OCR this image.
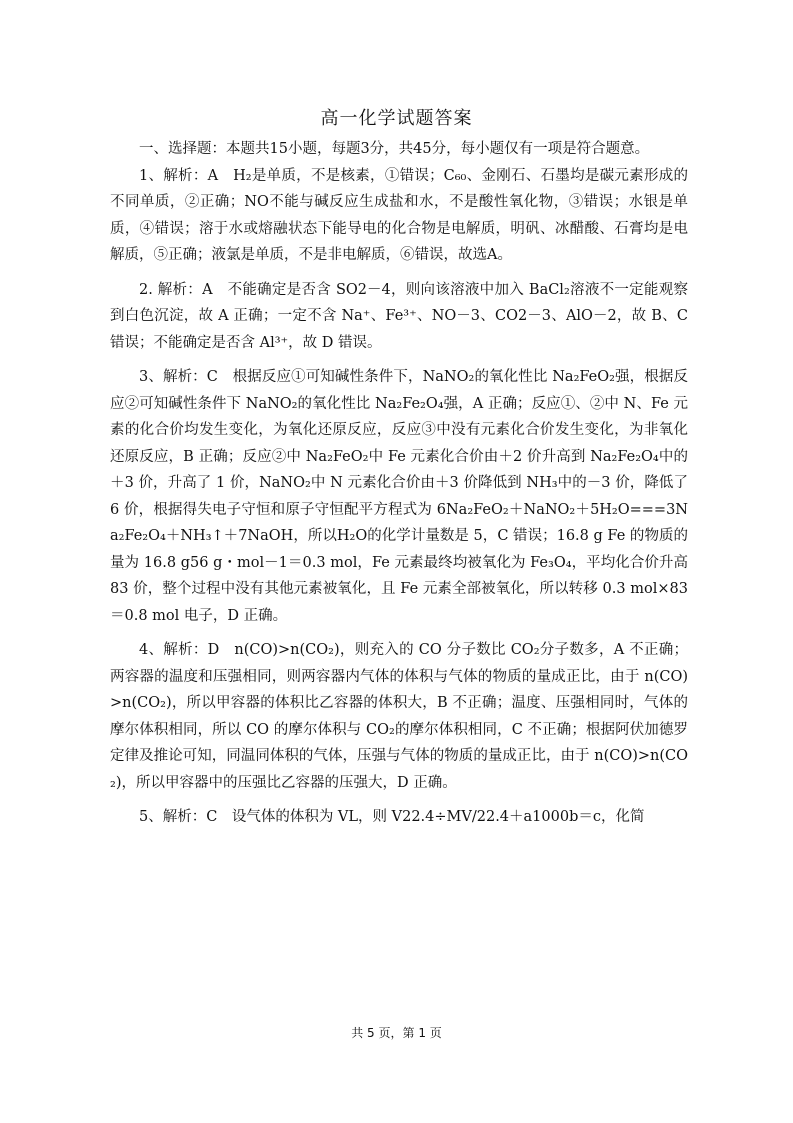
高一化学试题答案

一、选择题：本题共15小题，每题3分，共45分，每小题仅有一项是符合题意。

1、解析：A　H₂是单质，不是核素，①错误；C₆₀、金刚石、石墨均是碳元素形成的不同单质，②正确；NO不能与碱反应生成盐和水，不是酸性氧化物，③错误；水银是单质，④错误；溶于水或熔融状态下能导电的化合物是电解质，明矾、冰醋酸、石膏均是电解质，⑤正确；液氯是单质，不是非电解质，⑥错误，故选A。

2. 解析：A　不能确定是否含 SO2－4，则向该溶液中加入 BaCl₂溶液不一定能观察到白色沉淀，故 A 正确；一定不含 Na⁺、Fe³⁺、NO－3、CO2－3、AlO－2，故 B、C 错误；不能确定是否含 Al³⁺，故 D 错误。

3、解析：C　根据反应①可知碱性条件下，NaNO₂的氧化性比 Na₂FeO₂强，根据反应②可知碱性条件下 NaNO₂的氧化性比 Na₂Fe₂O₄强，A 正确；反应①、②中 N、Fe 元素的化合价均发生变化，为氧化还原反应，反应③中没有元素化合价发生变化，为非氧化还原反应，B 正确；反应②中 Na₂FeO₂中 Fe 元素化合价由＋2 价升高到 Na₂Fe₂O₄中的＋3 价，升高了 1 价，NaNO₂中 N 元素化合价由＋3 价降低到 NH₃中的－3 价，降低了 6 价，根据得失电子守恒和原子守恒配平方程式为 6Na₂FeO₂＋NaNO₂＋5H₂O===3Na₂Fe₂O₄＋NH₃↑＋7NaOH，所以H₂O的化学计量数是 5，C 错误；16.8 g Fe 的物质的量为 16.8 g56 g・mol－1＝0.3 mol，Fe 元素最终均被氧化为 Fe₃O₄，平均化合价升高 83 价，整个过程中没有其他元素被氧化，且 Fe 元素全部被氧化，所以转移 0.3 mol×83＝0.8 mol 电子，D 正确。

4、解析：D　n(CO)>n(CO₂)，则充入的 CO 分子数比 CO₂分子数多，A 不正确；两容器的温度和压强相同，则两容器内气体的体积与气体的物质的量成正比，由于 n(CO)>n(CO₂)，所以甲容器的体积比乙容器的体积大，B 不正确；温度、压强相同时，气体的摩尔体积相同，所以 CO 的摩尔体积与 CO₂的摩尔体积相同，C 不正确；根据阿伏加德罗定律及推论可知，同温同体积的气体，压强与气体的物质的量成正比，由于 n(CO)>n(CO₂)，所以甲容器中的压强比乙容器的压强大，D 正确。

5、解析：C　设气体的体积为 VL，则 V22.4÷MV/22.4＋a1000b＝c，化简

共 5 页，第 1 页
